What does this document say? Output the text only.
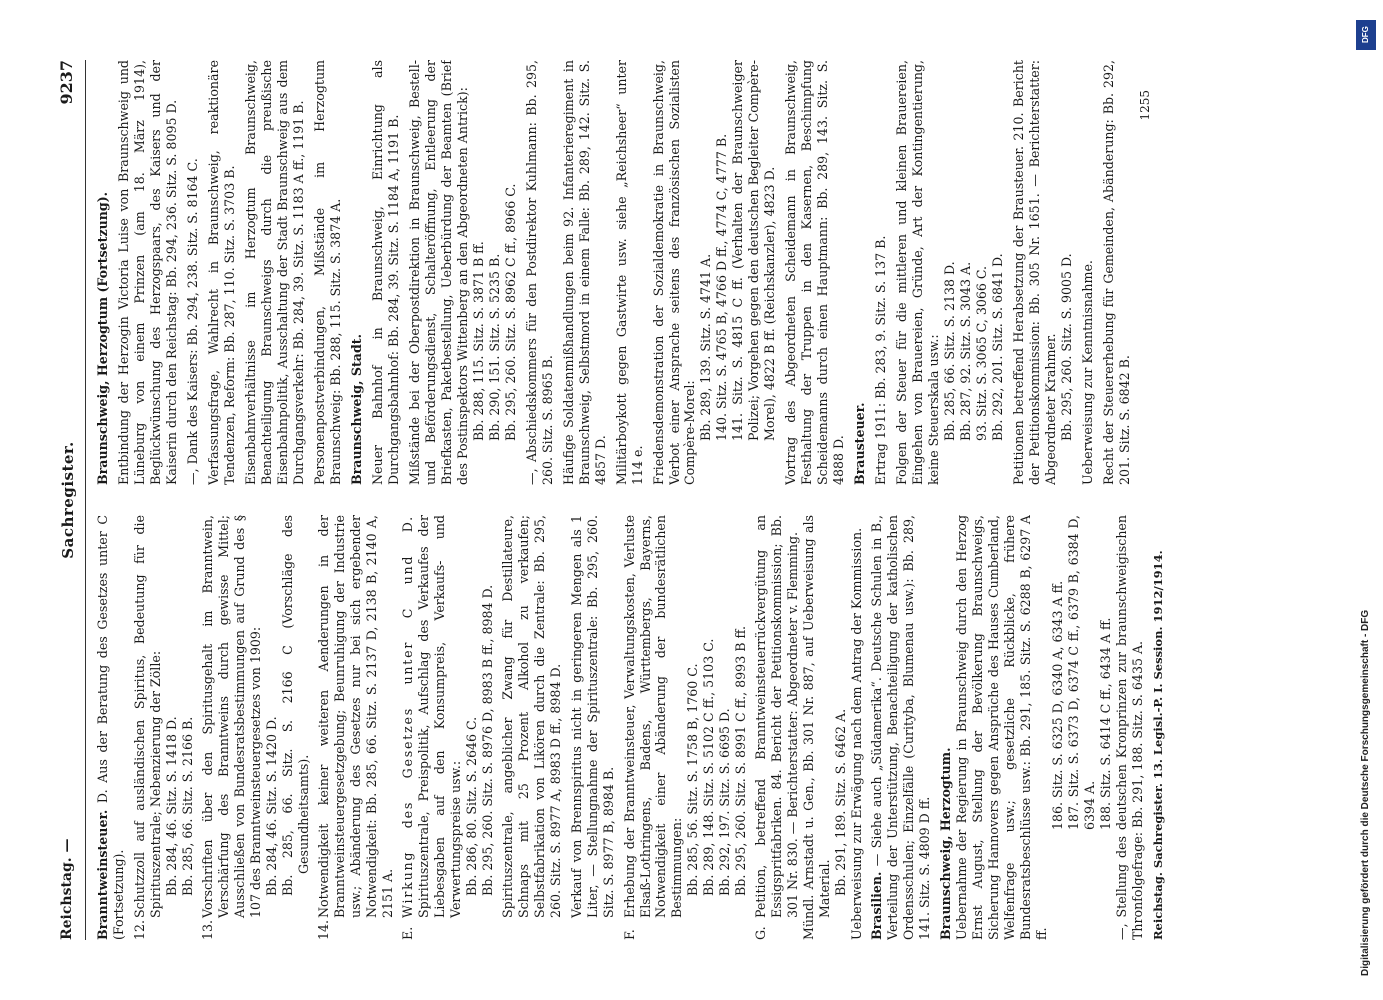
Reichstag. —
Sachregister.
9237

Branntweinsteuer. D. Aus der Beratung des Gesetzes unter C (Fortsetzung). 12.Schutzzoll auf ausländischen Spiritus, Bedeutung für die Spirituszentrale; Nebenzierung der Zölle: Bb. 284, 46. Sitz. S. 1418 D. Bb. 285, 66. Sitz. S. 2166 B.
13.Vorschriften über den Spiritusgehalt im Branntwein, Verschärfung des Branntweins durch gewisse Mittel; Ausschließen von Bundesratsbestimmungen auf Grund des § 107 des Branntweinsteuergesetzes von 1909: Bb. 284, 46. Sitz. S. 1420 D. Bb. 285, 66. Sitz. S. 2166 C (Vorschläge des Gesundheitsamts).
14.Notwendigkeit keiner weiteren Aenderungen in der Branntweinsteuergesetzgebung; Beunruhigung der Industrie usw.; Abänderung des Gesetzes nur bei sich ergebender Notwendigkeit: Bb. 285, 66. Sitz. S. 2137 D, 2138 B, 2140 A, 2151 A.
E.Wirkung des Gesetzes unter C und D. Spirituszentrale, Preispolitik, Aufschlag des Verkaufes der Liebesgaben auf den Konsumpreis, Verkaufs- und Verwertungspreise usw.: Bb. 286, 80. Sitz. S. 2646 C. Bb. 295, 260. Sitz. S. 8976 D, 8983 B ff., 8984 D. Spirituszentrale, angeblicher Zwang für Destillateure, Schnaps mit 25 Prozent Alkohol zu verkaufen; Selbstfabrikation von Likören durch die Zentrale: Bb. 295, 260. Sitz. S. 8977 A, 8983 D ff., 8984 D. Verkauf von Brennspiritus nicht in geringeren Mengen als 1 Liter, — Stellungnahme der Spirituszentrale: Bb. 295, 260. Sitz. S. 8977 B, 8984 B.

F.Erhebung der Branntweinsteuer, Verwaltungskosten, Verluste Elsaß-Lothringens, Badens, Württembergs, Bayerns, Notwendigkeit einer Abänderung der bundesrätlichen Bestimmungen: Bb. 285, 56. Sitz. S. 1758 B, 1760 C. Bb. 289, 148. Sitz. S. 5102 C ff., 5103 C. Bb. 292, 197. Sitz. S. 6695 D. Bb. 295, 260. Sitz. S. 8991 C ff., 8993 B ff.
G.Petition, betreffend Branntweinsteuerrückvergütung an Essigspritfabriken. 84. Bericht der Petitionskommission; Bb. 301 Nr. 830. — Berichterstatter: Abgeordneter v. Flemming. Mündl. Arnstadt u. Gen., Bb. 301 Nr. 887, auf Ueberweisung als Material. Bb. 291, 189. Sitz. S. 6462 A. Ueberweisung zur Erwägung nach dem Antrag der Kommission. Brasilien. — Siehe auch „Südamerika“. Deutsche Schulen in B., Verteilung der Unterstützung, Benachteiligung der katholischen Ordensschulen; Einzelfälle (Curityba, Blumenau usw.): Bb. 289, 141. Sitz. S. 4809 D ff. Braunschweig, Herzogtum. Uebernahme der Regierung in Braunschweig durch den Herzog Ernst August, Stellung der Bevölkerung Braunschweigs, Sicherung Hannovers gegen Ansprüche des Hauses Cumberland, Welfenfrage usw.; gesetzliche Rückblicke, frühere Bundesratsbeschlüsse usw.: Bb. 291, 185. Sitz. S. 6288 B, 6297 A ff.
186. Sitz. S. 6325 D, 6340 A, 6343 A ff. 187. Sitz. S. 6373 D, 6374 C ff., 6379 B, 6384 D, 6394 A. 188. Sitz. S. 6414 C ff., 6434 A ff. —, Stellung des deutschen Kronprinzen zur braunschweigischen Thronfolgefrage: Bb. 291, 188. Sitz. S. 6435 A. Reichstag. Sachregister. 13. Legisl.-P. I. Session. 1912/1914.
Braunschweig, Herzogtum (Fortsetzung). Entbindung der Herzogin Victoria Luise von Braunschweig und Lüneburg von einem Prinzen (am 18. März 1914), Beglückwünschung des Herzogspaars, des Kaisers und der Kaiserin durch den Reichstag: Bb. 294, 236. Sitz. S. 8095 D. —, Dank des Kaisers: Bb. 294, 238. Sitz. S. 8164 C. Verfassungsfrage, Wahlrecht in Braunschweig, reaktionäre Tendenzen, Reform: Bb. 287, 110. Sitz. S. 3703 B. Eisenbahnverhältnisse im Herzogtum Braunschweig, Benachteiligung Braunschweigs durch die preußische Eisenbahnpolitik, Ausschaltung der Stadt Braunschweig aus dem Durchgangsverkehr: Bb. 284, 39. Sitz. S. 1183 A ff., 1191 B. Personenpostverbindungen, Mißstände im Herzogtum Braunschweig: Bb. 288, 115. Sitz. S. 3874 A. Braunschweig, Stadt. Neuer Bahnhof in Braunschweig, Einrichtung als Durchgangsbahnhof: Bb. 284, 39. Sitz. S. 1184 A, 1191 B. Mißstände bei der Oberpostdirektion in Braunschweig, Bestell- und Beförderungsdienst, Schalteröffnung, Entleerung der Briefkasten, Paketbestellung, Ueberbürdung der Beamten (Brief des Postinspektors Wittenberg an den Abgeordneten Antrick): Bb. 288, 115. Sitz. S. 3871 B ff. Bb. 290, 151. Sitz. S. 5235 B. Bb. 295, 260. Sitz. S. 8962 C ff., 8966 C. —, Abschiedskommers für den Postdirektor Kuhlmann: Bb. 295, 260. Sitz. S. 8965 B. Häufige Soldatenmißhandlungen beim 92. Infanterieregiment in Braunschweig, Selbstmord in einem Falle: Bb. 289, 142. Sitz. S. 4857 D. Militärboykott gegen Gastwirte usw. siehe „Reichsheer“ unter 114 e. Friedensdemonstration der Sozialdemokratie in Braunschweig, Verbot einer Ansprache seitens des französischen Sozialisten Compère-Morel: Bb. 289, 139. Sitz. S. 4741 A. 140. Sitz. S. 4765 B, 4766 D ff., 4774 C, 4777 B. 141. Sitz. S. 4815 C ff. (Verhalten der Braunschweiger Polizei; Vorgehen gegen den deutschen Begleiter Compère-Morel), 4822 B ff. (Reichskanzler), 4823 D. Vortrag des Abgeordneten Scheidemann in Braunschweig, Festhaltung der Truppen in den Kasernen, Beschimpfung Scheidemanns durch einen Hauptmann: Bb. 289, 143. Sitz. S. 4888 D. Brausteuer. Ertrag 1911: Bb. 283, 9. Sitz. S. 137 B. Folgen der Steuer für die mittleren und kleinen Brauereien, Eingehen von Brauereien, Gründe, Art der Kontingentierung, keine Steuerskala usw.: Bb. 285, 66. Sitz. S. 2138 D. Bb. 287, 92. Sitz. S. 3043 A. 93. Sitz. S. 3065 C, 3066 C. Bb. 292, 201. Sitz. S. 6841 D. Petitionen betreffend Herabsetzung der Brausteuer. 210. Bericht der Petitionskommission: Bb. 305 Nr. 1651. — Berichterstatter: Abgeordneter Krahmer. Bb. 295, 260. Sitz. S. 9005 D. Ueberweisung zur Kenntnisnahme. Recht der Steuererhebung für Gemeinden, Abänderung: Bb. 292, 201. Sitz. S. 6842 B.

1255
DFG
Digitalisierung gefördert durch die Deutsche Forschungsgemeinschaft - DFG
